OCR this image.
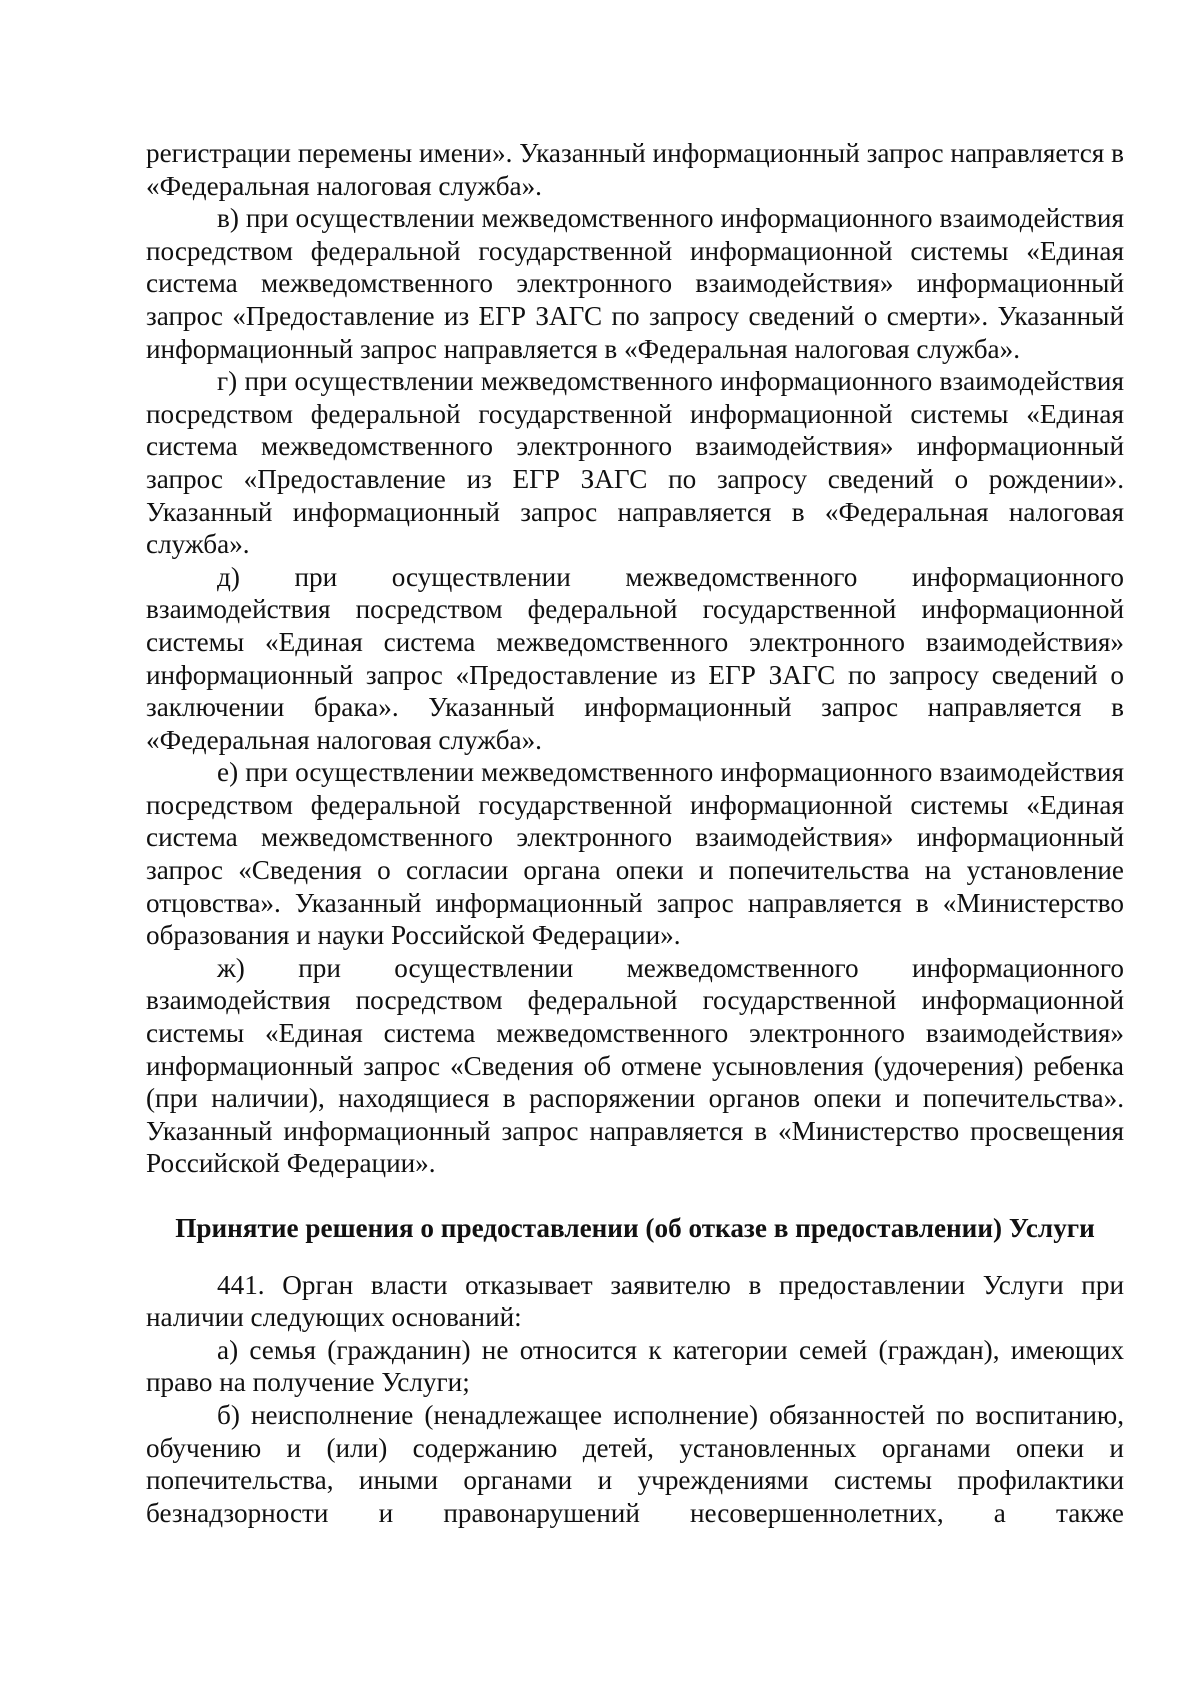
регистрации перемены имени». Указанный информационный запрос направляется в «Федеральная налоговая служба».

в) при осуществлении межведомственного информационного взаимодействия посредством федеральной государственной информационной системы «Единая система межведомственного электронного взаимодействия» информационный запрос «Предоставление из ЕГР ЗАГС по запросу сведений о смерти». Указанный информационный запрос направляется в «Федеральная налоговая служба».

г) при осуществлении межведомственного информационного взаимодействия посредством федеральной государственной информационной системы «Единая система межведомственного электронного взаимодействия» информационный запрос «Предоставление из ЕГР ЗАГС по запросу сведений о рождении». Указанный информационный запрос направляется в «Федеральная налоговая служба».

д) при осуществлении межведомственного информационного взаимодействия посредством федеральной государственной информационной системы «Единая система межведомственного электронного взаимодействия» информационный запрос «Предоставление из ЕГР ЗАГС по запросу сведений о заключении брака». Указанный информационный запрос направляется в «Федеральная налоговая служба».

е) при осуществлении межведомственного информационного взаимодействия посредством федеральной государственной информационной системы «Единая система межведомственного электронного взаимодействия» информационный запрос «Сведения о согласии органа опеки и попечительства на установление отцовства». Указанный информационный запрос направляется в «Министерство образования и науки Российской Федерации».

ж) при осуществлении межведомственного информационного взаимодействия посредством федеральной государственной информационной системы «Единая система межведомственного электронного взаимодействия» информационный запрос «Сведения об отмене усыновления (удочерения) ребенка (при наличии), находящиеся в распоряжении органов опеки и попечительства». Указанный информационный запрос направляется в «Министерство просвещения Российской Федерации».

Принятие решения о предоставлении (об отказе в предоставлении) Услуги

441. Орган власти отказывает заявителю в предоставлении Услуги при наличии следующих оснований:

а) семья (гражданин) не относится к категории семей (граждан), имеющих право на получение Услуги;

б) неисполнение (ненадлежащее исполнение) обязанностей по воспитанию, обучению и (или) содержанию детей, установленных органами опеки и попечительства, иными органами и учреждениями системы профилактики безнадзорности и правонарушений несовершеннолетних, а также
